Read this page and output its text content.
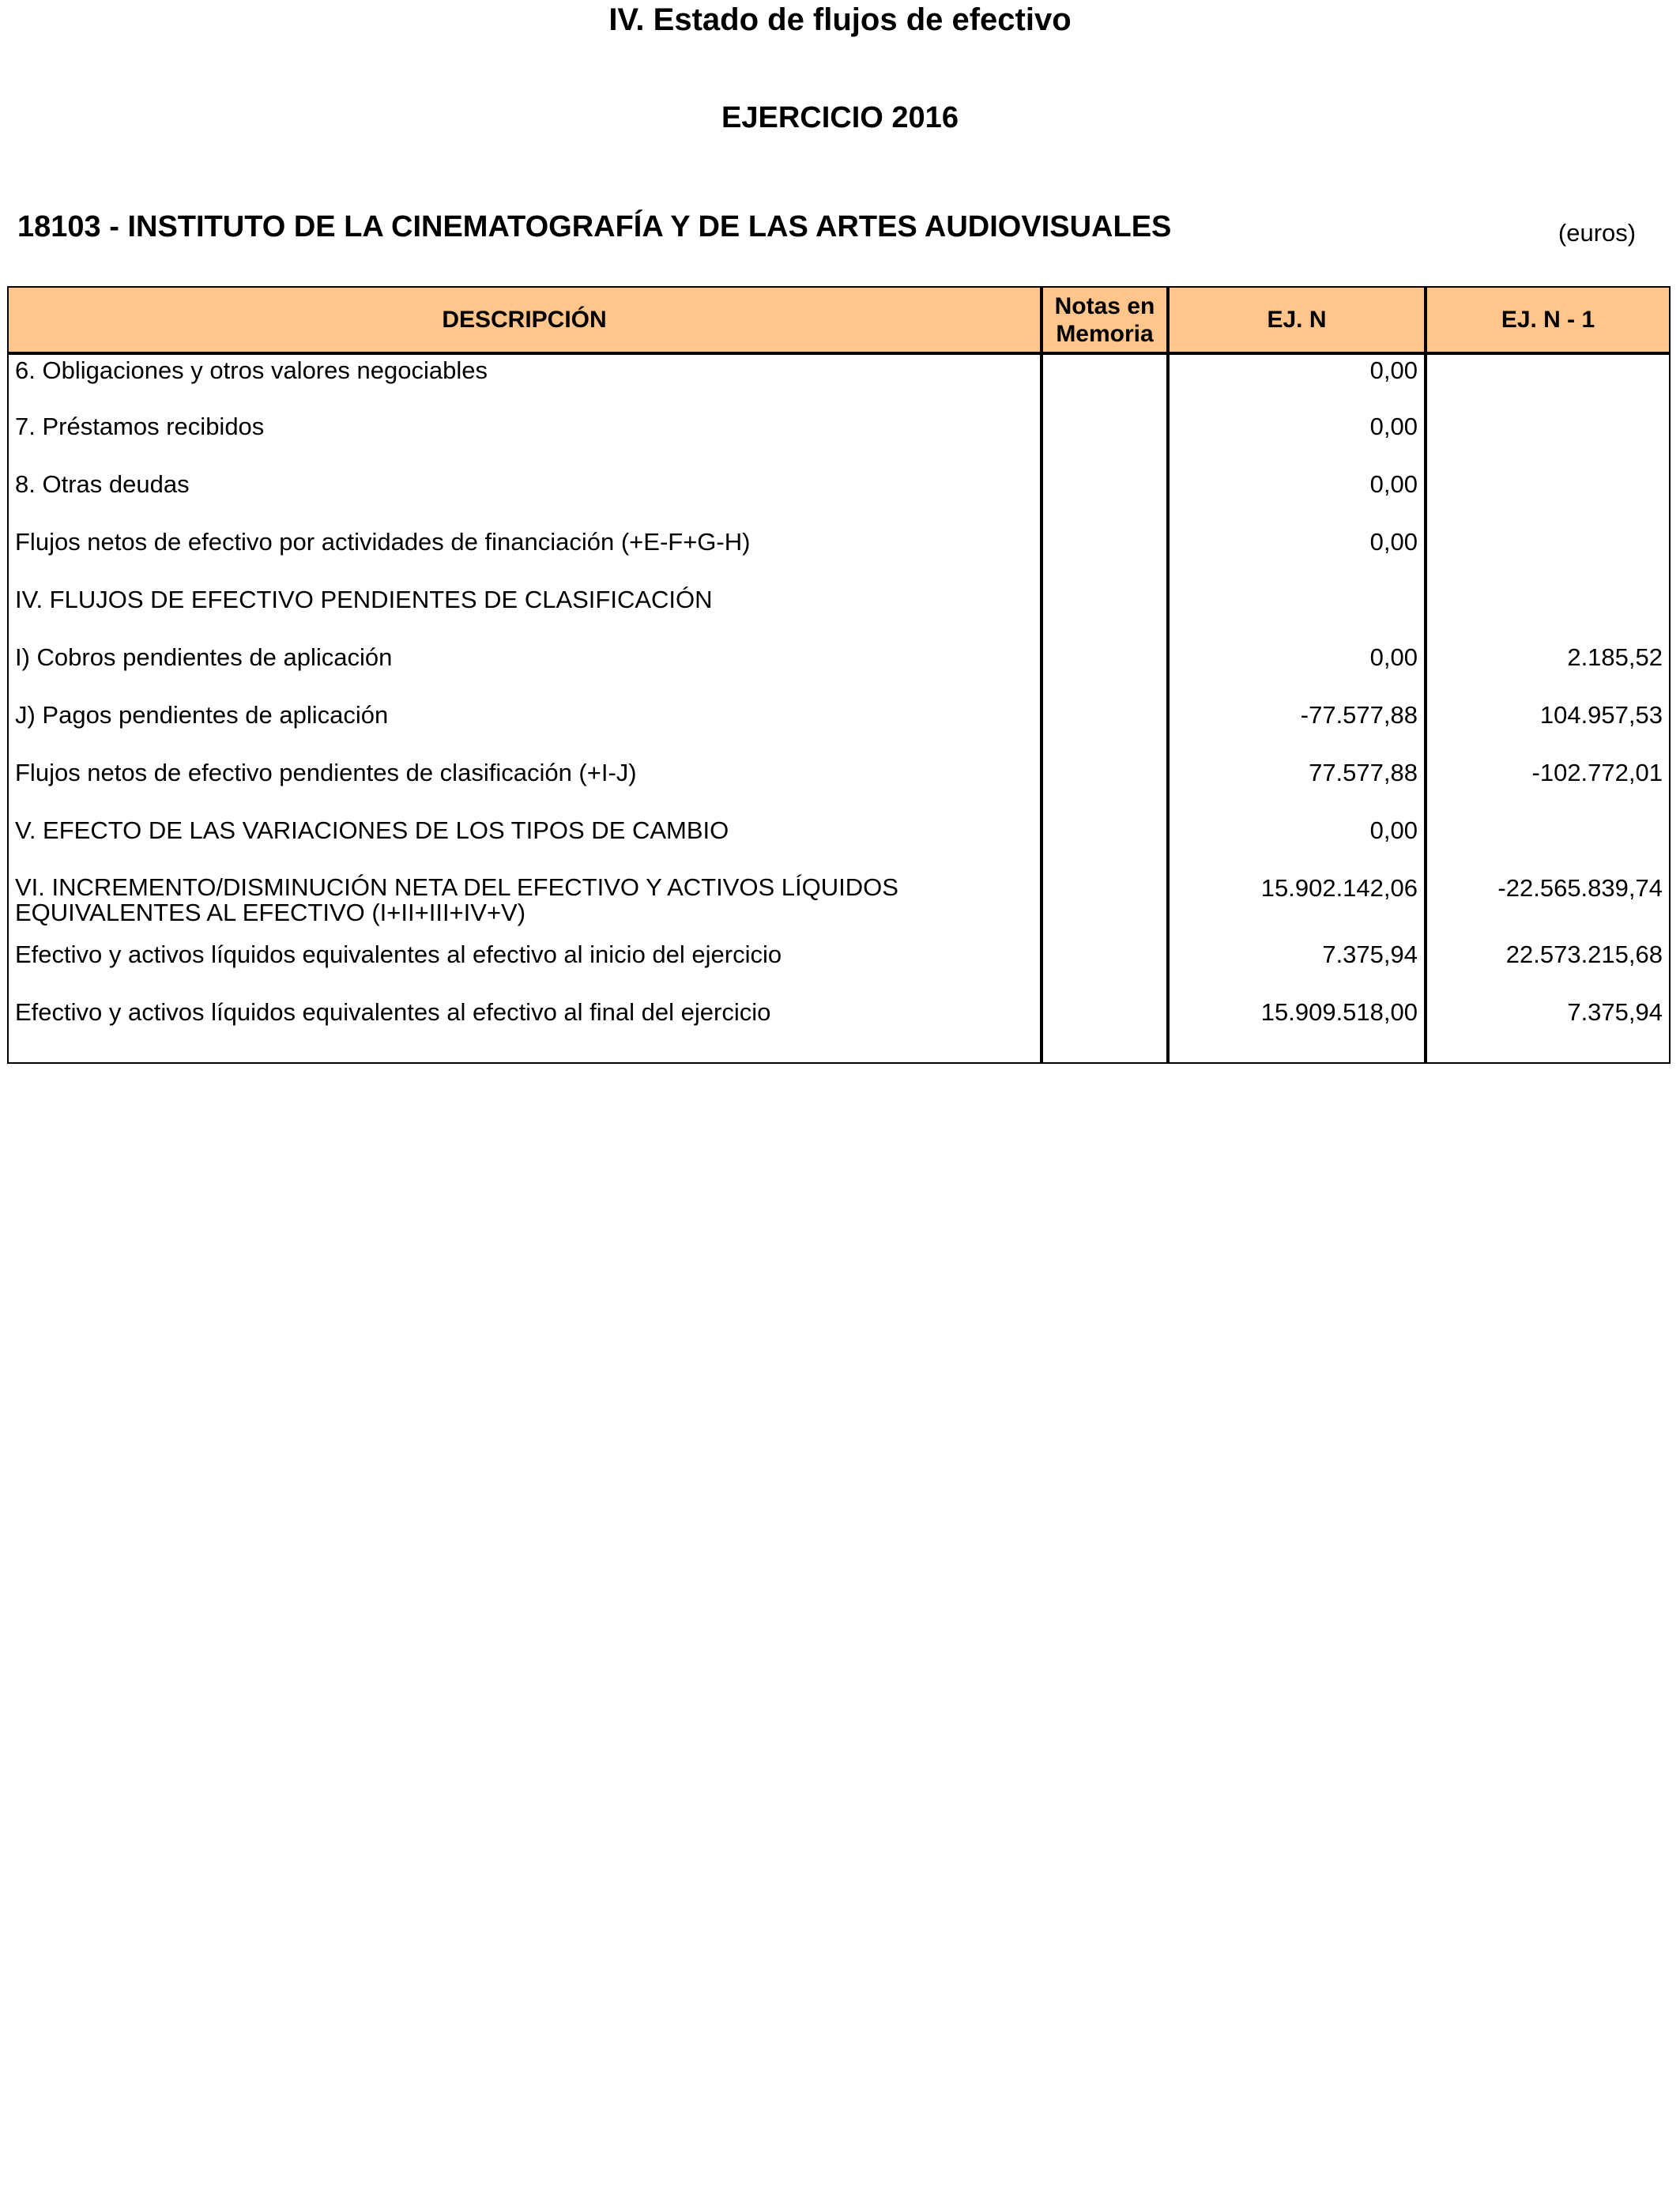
IV. Estado de flujos de efectivo
EJERCICIO 2016
18103 - INSTITUTO DE LA CINEMATOGRAFÍA Y DE LAS ARTES AUDIOVISUALES	(euros)
DESCRIPCIÓN	Notas en Memoria	EJ. N	EJ. N - 1
6. Obligaciones y otros valores negociables		0,00	
7. Préstamos recibidos		0,00	
8. Otras deudas		0,00	
Flujos netos de efectivo por actividades de financiación (+E-F+G-H)		0,00	
IV. FLUJOS DE EFECTIVO PENDIENTES DE CLASIFICACIÓN			
I) Cobros pendientes de aplicación		0,00	2.185,52
J) Pagos pendientes de aplicación		-77.577,88	104.957,53
Flujos netos de efectivo pendientes de clasificación (+I-J)		77.577,88	-102.772,01
V. EFECTO DE LAS VARIACIONES DE LOS TIPOS DE CAMBIO		0,00	
VI. INCREMENTO/DISMINUCIÓN NETA DEL EFECTIVO Y ACTIVOS LÍQUIDOS EQUIVALENTES AL EFECTIVO (I+II+III+IV+V)		15.902.142,06	-22.565.839,74
Efectivo y activos líquidos equivalentes al efectivo al inicio del ejercicio		7.375,94	22.573.215,68
Efectivo y activos líquidos equivalentes al efectivo al final del ejercicio		15.909.518,00	7.375,94
